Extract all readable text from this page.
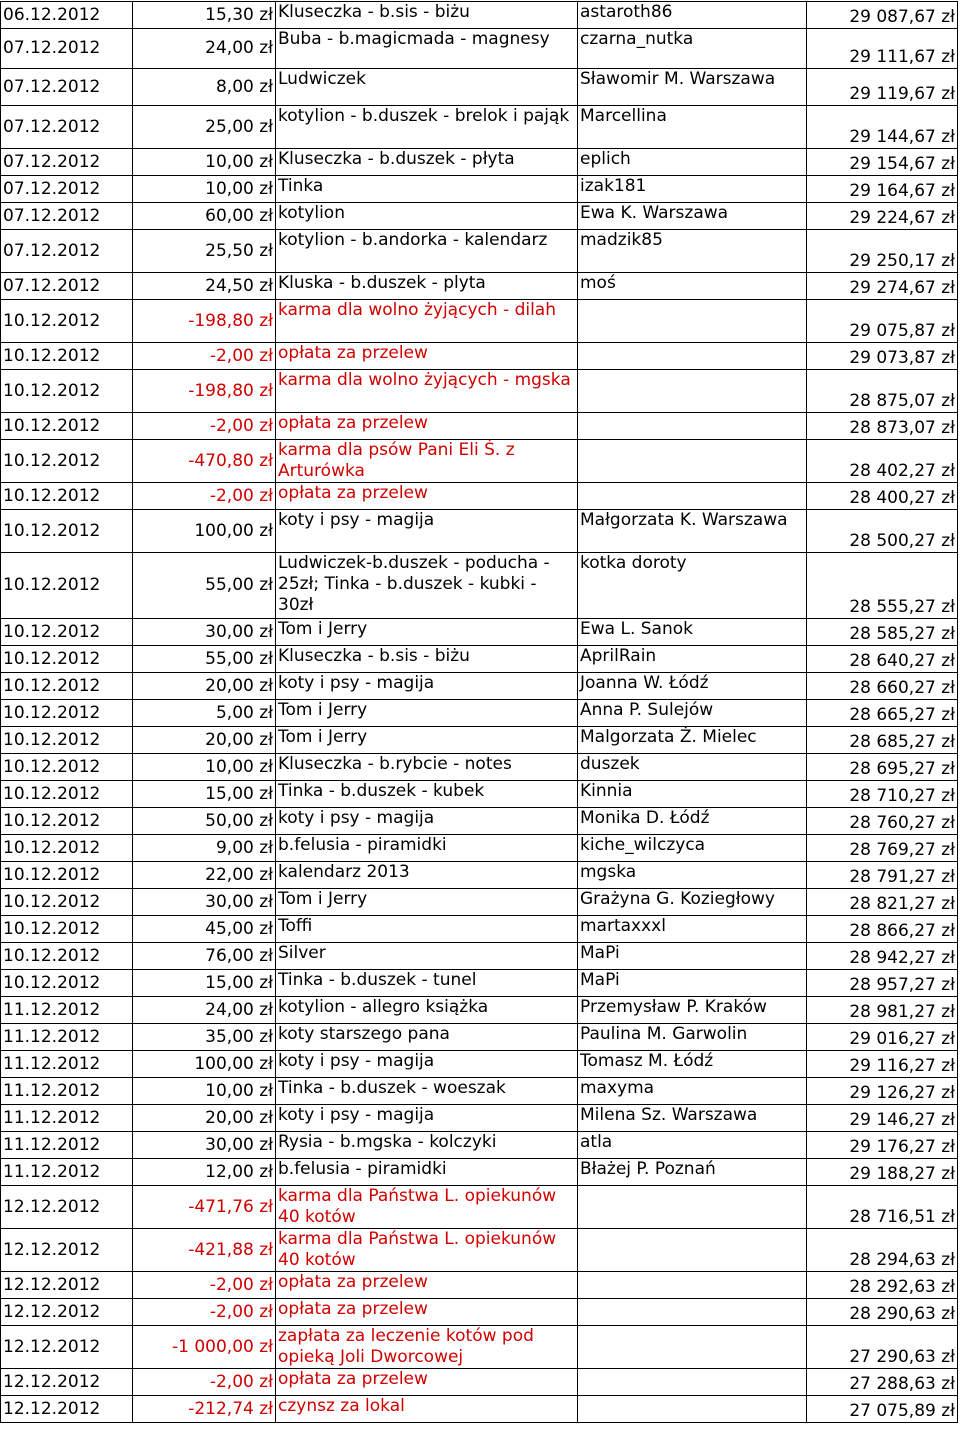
06.12.2012	15,30 zł	Kluseczka - b.sis - biżu	astaroth86	29 087,67 zł
07.12.2012	24,00 zł	Buba - b.magicmada - magnesy	czarna_nutka	29 111,67 zł
07.12.2012	8,00 zł	Ludwiczek	Sławomir M. Warszawa	29 119,67 zł
07.12.2012	25,00 zł	kotylion - b.duszek - brelok i pająk	Marcellina	29 144,67 zł
07.12.2012	10,00 zł	Kluseczka - b.duszek - płyta	eplich	29 154,67 zł
07.12.2012	10,00 zł	Tinka	izak181	29 164,67 zł
07.12.2012	60,00 zł	kotylion	Ewa K. Warszawa	29 224,67 zł
07.12.2012	25,50 zł	kotylion - b.andorka - kalendarz	madzik85	29 250,17 zł
07.12.2012	24,50 zł	Kluska - b.duszek - plyta	moś	29 274,67 zł
10.12.2012	-198,80 zł	karma dla wolno żyjących - dilah		29 075,87 zł
10.12.2012	-2,00 zł	opłata za przelew		29 073,87 zł
10.12.2012	-198,80 zł	karma dla wolno żyjących - mgska		28 875,07 zł
10.12.2012	-2,00 zł	opłata za przelew		28 873,07 zł
10.12.2012	-470,80 zł	karma dla psów Pani Eli Ś. z Arturówka		28 402,27 zł
10.12.2012	-2,00 zł	opłata za przelew		28 400,27 zł
10.12.2012	100,00 zł	koty i psy - magija	Małgorzata K. Warszawa	28 500,27 zł
10.12.2012	55,00 zł	Ludwiczek-b.duszek - poducha - 25zł; Tinka - b.duszek - kubki - 30zł	kotka doroty	28 555,27 zł
10.12.2012	30,00 zł	Tom i Jerry	Ewa L. Sanok	28 585,27 zł
10.12.2012	55,00 zł	Kluseczka - b.sis - biżu	AprilRain	28 640,27 zł
10.12.2012	20,00 zł	koty i psy - magija	Joanna W. Łódź	28 660,27 zł
10.12.2012	5,00 zł	Tom i Jerry	Anna P. Sulejów	28 665,27 zł
10.12.2012	20,00 zł	Tom i Jerry	Malgorzata Ż. Mielec	28 685,27 zł
10.12.2012	10,00 zł	Kluseczka - b.rybcie - notes	duszek	28 695,27 zł
10.12.2012	15,00 zł	Tinka - b.duszek - kubek	Kinnia	28 710,27 zł
10.12.2012	50,00 zł	koty i psy - magija	Monika D. Łódź	28 760,27 zł
10.12.2012	9,00 zł	b.felusia - piramidki	kiche_wilczyca	28 769,27 zł
10.12.2012	22,00 zł	kalendarz 2013	mgska	28 791,27 zł
10.12.2012	30,00 zł	Tom i Jerry	Grażyna G. Koziegłowy	28 821,27 zł
10.12.2012	45,00 zł	Toffi	martaxxxl	28 866,27 zł
10.12.2012	76,00 zł	Silver	MaPi	28 942,27 zł
10.12.2012	15,00 zł	Tinka - b.duszek - tunel	MaPi	28 957,27 zł
11.12.2012	24,00 zł	kotylion - allegro książka	Przemysław P. Kraków	28 981,27 zł
11.12.2012	35,00 zł	koty starszego pana	Paulina M. Garwolin	29 016,27 zł
11.12.2012	100,00 zł	koty i psy - magija	Tomasz M. Łódź	29 116,27 zł
11.12.2012	10,00 zł	Tinka - b.duszek - woeszak	maxyma	29 126,27 zł
11.12.2012	20,00 zł	koty i psy - magija	Milena Sz. Warszawa	29 146,27 zł
11.12.2012	30,00 zł	Rysia - b.mgska - kolczyki	atla	29 176,27 zł
11.12.2012	12,00 zł	b.felusia - piramidki	Błażej P. Poznań	29 188,27 zł
12.12.2012	-471,76 zł	karma dla Państwa L. opiekunów 40 kotów		28 716,51 zł
12.12.2012	-421,88 zł	karma dla Państwa L. opiekunów 40 kotów		28 294,63 zł
12.12.2012	-2,00 zł	opłata za przelew		28 292,63 zł
12.12.2012	-2,00 zł	opłata za przelew		28 290,63 zł
12.12.2012	-1 000,00 zł	zapłata za leczenie kotów pod opieką Joli Dworcowej		27 290,63 zł
12.12.2012	-2,00 zł	opłata za przelew		27 288,63 zł
12.12.2012	-212,74 zł	czynsz za lokal		27 075,89 zł
